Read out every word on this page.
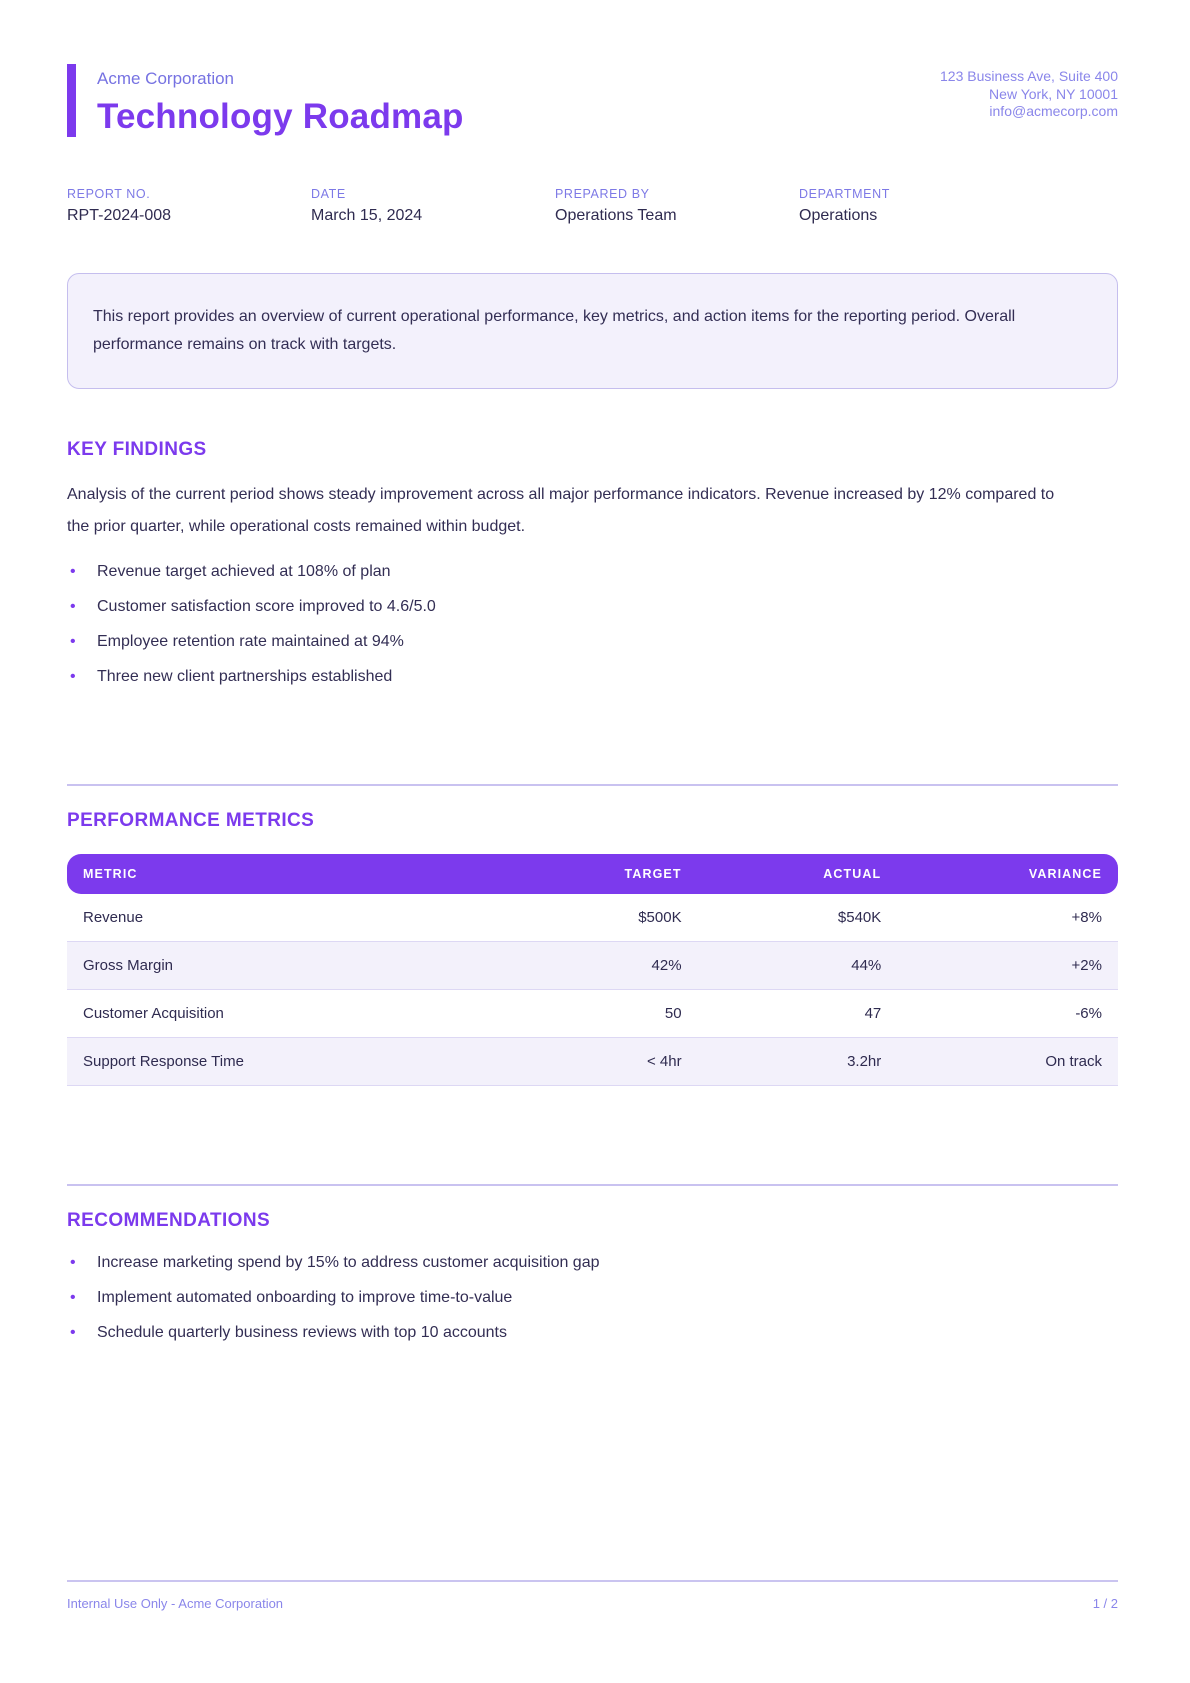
Acme Corporation
Technology Roadmap
123 Business Ave, Suite 400
New York, NY 10001
info@acmecorp.com
REPORT NO.
RPT-2024-008
DATE
March 15, 2024
PREPARED BY
Operations Team
DEPARTMENT
Operations

This report provides an overview of current operational performance, key metrics, and action items for the reporting period. Overall performance remains on track with targets.

KEY FINDINGS

Analysis of the current period shows steady improvement across all major performance indicators. Revenue increased by 12% compared to the prior quarter, while operational costs remained within budget.

• Revenue target achieved at 108% of plan
• Customer satisfaction score improved to 4.6/5.0
• Employee retention rate maintained at 94%
• Three new client partnerships established
PERFORMANCE METRICS
METRIC	TARGET	ACTUAL	VARIANCE
Revenue	$500K	$540K	+8%
Gross Margin	42%	44%	+2%
Customer Acquisition	50	47	-6%
Support Response Time	< 4hr	3.2hr	On track
RECOMMENDATIONS
• Increase marketing spend by 15% to address customer acquisition gap
• Implement automated onboarding to improve time-to-value
• Schedule quarterly business reviews with top 10 accounts
Internal Use Only - Acme Corporation	1 / 2
